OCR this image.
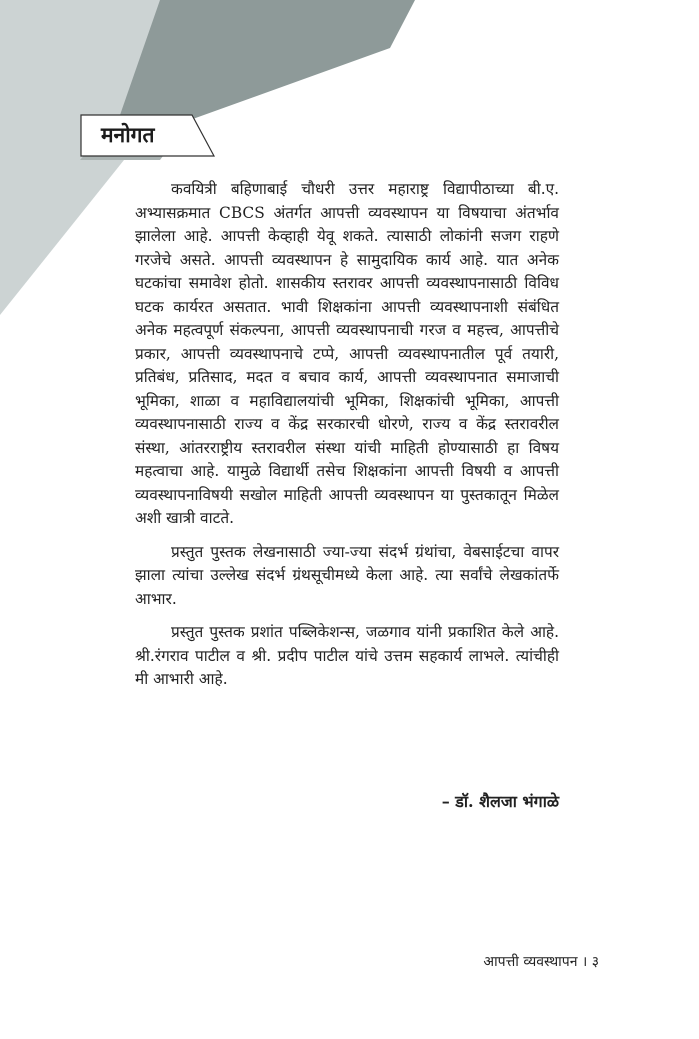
मनोगत

कवयित्री बहिणाबाई चौधरी उत्तर महाराष्ट्र विद्यापीठाच्या बी.ए. अभ्यासक्रमात CBCS अंतर्गत आपत्ती व्यवस्थापन या विषयाचा अंतर्भाव झालेला आहे. आपत्ती केव्हाही येवू शकते. त्यासाठी लोकांनी सजग राहणे गरजेचे असते. आपत्ती व्यवस्थापन हे सामुदायिक कार्य आहे. यात अनेक घटकांचा समावेश होतो. शासकीय स्तरावर आपत्ती व्यवस्थापनासाठी विविध घटक कार्यरत असतात. भावी शिक्षकांना आपत्ती व्यवस्थापनाशी संबंधित अनेक महत्वपूर्ण संकल्पना, आपत्ती व्यवस्थापनाची गरज व महत्त्व, आपत्तीचे प्रकार, आपत्ती व्यवस्थापनाचे टप्पे, आपत्ती व्यवस्थापनातील पूर्व तयारी, प्रतिबंध, प्रतिसाद, मदत व बचाव कार्य, आपत्ती व्यवस्थापनात समाजाची भूमिका, शाळा व महाविद्यालयांची भूमिका, शिक्षकांची भूमिका, आपत्ती व्यवस्थापनासाठी राज्य व केंद्र सरकारची धोरणे, राज्य व केंद्र स्तरावरील संस्था, आंतरराष्ट्रीय स्तरावरील संस्था यांची माहिती होण्यासाठी हा विषय महत्वाचा आहे. यामुळे विद्यार्थी तसेच शिक्षकांना आपत्ती विषयी व आपत्ती व्यवस्थापनाविषयी सखोल माहिती आपत्ती व्यवस्थापन या पुस्तकातून मिळेल अशी खात्री वाटते.

प्रस्तुत पुस्तक लेखनासाठी ज्या-ज्या संदर्भ ग्रंथांचा, वेबसाईटचा वापर झाला त्यांचा उल्लेख संदर्भ ग्रंथसूचीमध्ये केला आहे. त्या सर्वांचे लेखकांतर्फे आभार.

प्रस्तुत पुस्तक प्रशांत पब्लिकेशन्स, जळगाव यांनी प्रकाशित केले आहे. श्री.रंगराव पाटील व श्री. प्रदीप पाटील यांचे उत्तम सहकार्य लाभले. त्यांचीही मी आभारी आहे.

– डॉ. शैलजा भंगाळे
आपत्ती व्यवस्थापन । ३
